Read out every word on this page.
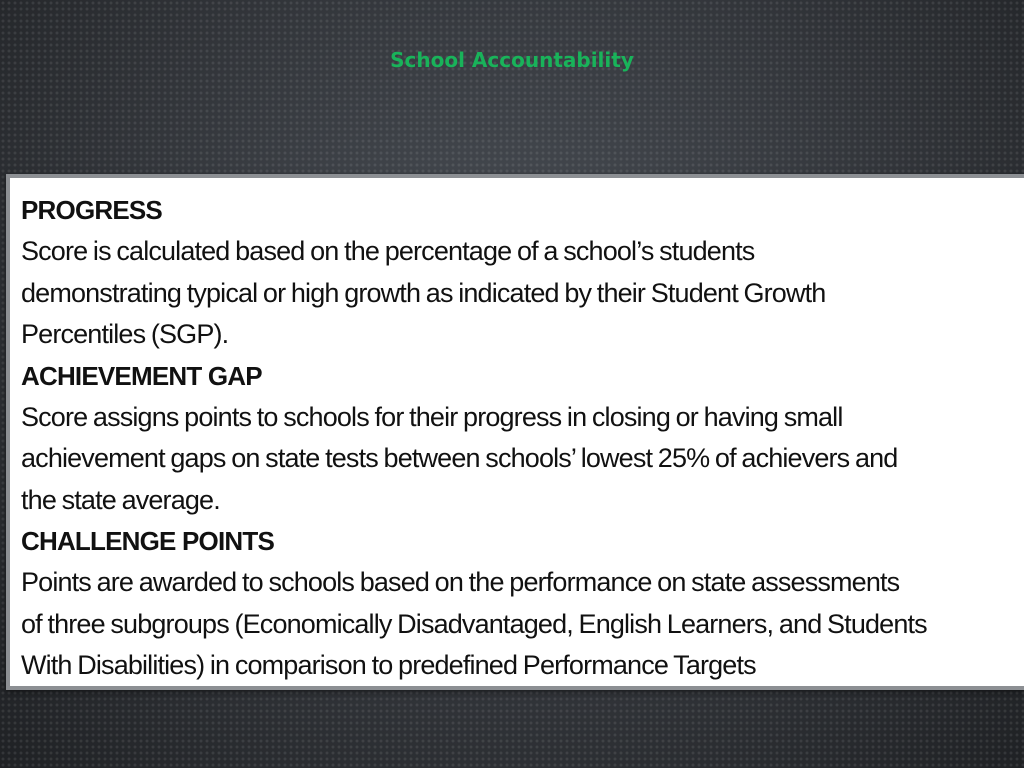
School Accountability
PROGRESS
Score is calculated based on the percentage of a school’s students
demonstrating typical or high growth as indicated by their Student Growth
Percentiles (SGP).
ACHIEVEMENT GAP
Score assigns points to schools for their progress in closing or having small
achievement gaps on state tests between schools’ lowest 25% of achievers and
the state average.
CHALLENGE POINTS
Points are awarded to schools based on the performance on state assessments
of three subgroups (Economically Disadvantaged, English Learners, and Students
With Disabilities) in comparison to predefined Performance Targets
